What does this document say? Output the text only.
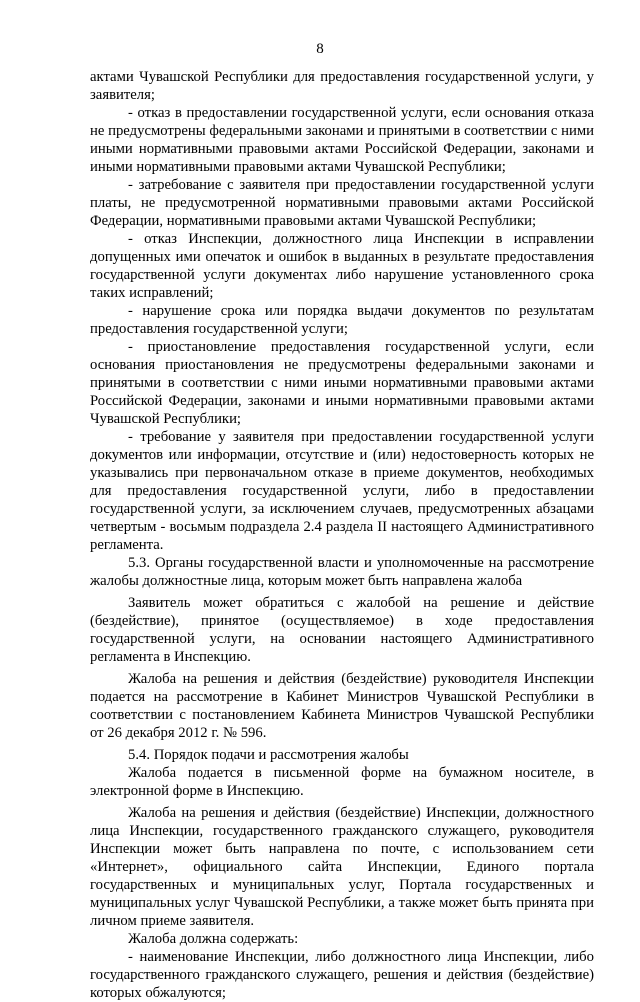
8

актами Чувашской Республики для предоставления государственной услуги, у заявителя;

- отказ в предоставлении государственной услуги, если основания отказа не предусмотрены федеральными законами и принятыми в соответствии с ними иными нормативными правовыми актами Российской Федерации, законами и иными нормативными правовыми актами Чувашской Республики;

- затребование с заявителя при предоставлении государственной услуги платы, не предусмотренной нормативными правовыми актами Российской Федерации, нормативными правовыми актами Чувашской Республики;

- отказ Инспекции, должностного лица Инспекции в исправлении допущенных ими опечаток и ошибок в выданных в результате предоставления государственной услуги документах либо нарушение установленного срока таких исправлений;

- нарушение срока или порядка выдачи документов по результатам предоставления государственной услуги;

- приостановление предоставления государственной услуги, если основания приостановления не предусмотрены федеральными законами и принятыми в соответствии с ними иными нормативными правовыми актами Российской Федерации, законами и иными нормативными правовыми актами Чувашской Республики;

- требование у заявителя при предоставлении государственной услуги документов или информации, отсутствие и (или) недостоверность которых не указывались при первоначальном отказе в приеме документов, необходимых для предоставления государственной услуги, либо в предоставлении государственной услуги, за исключением случаев, предусмотренных абзацами четвертым - восьмым подраздела 2.4 раздела II настоящего Административного регламента.

5.3. Органы государственной власти и уполномоченные на рассмотрение жалобы должностные лица, которым может быть направлена жалоба

Заявитель может обратиться с жалобой на решение и действие (бездействие), принятое (осуществляемое) в ходе предоставления государственной услуги, на основании настоящего Административного регламента в Инспекцию.

Жалоба на решения и действия (бездействие) руководителя Инспекции подается на рассмотрение в Кабинет Министров Чувашской Республики в соответствии с постановлением Кабинета Министров Чувашской Республики от 26 декабря 2012 г. № 596.

5.4. Порядок подачи и рассмотрения жалобы

Жалоба подается в письменной форме на бумажном носителе, в электронной форме в Инспекцию.

Жалоба на решения и действия (бездействие) Инспекции, должностного лица Инспекции, государственного гражданского служащего, руководителя Инспекции может быть направлена по почте, с использованием сети «Интернет», официального сайта Инспекции, Единого портала государственных и муниципальных услуг, Портала государственных и муниципальных услуг Чувашской Республики, а также может быть принята при личном приеме заявителя.

Жалоба должна содержать:

- наименование Инспекции, либо должностного лица Инспекции, либо государственного гражданского служащего, решения и действия (бездействие) которых обжалуются;
